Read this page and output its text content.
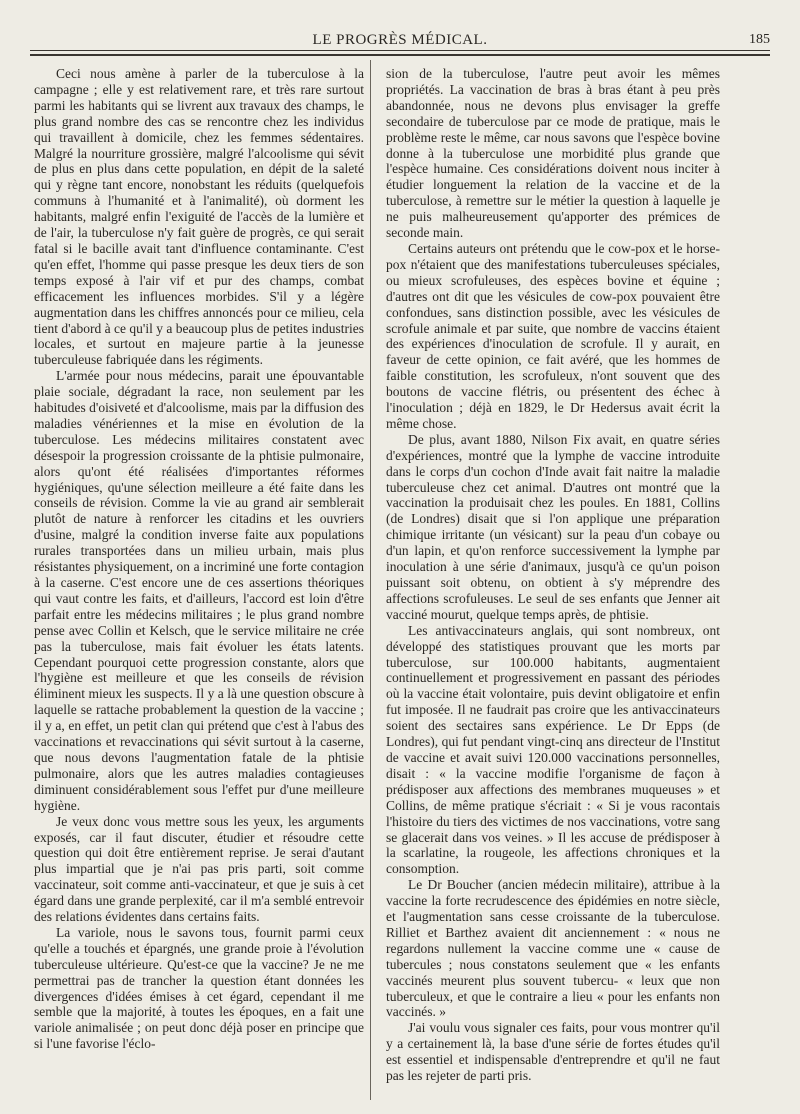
LE PROGRÈS MÉDICAL.	185

Ceci nous amène à parler de la tuberculose à la campagne ; elle y est relativement rare, et très rare surtout parmi les habitants qui se livrent aux travaux des champs, le plus grand nombre des cas se rencontre chez les individus qui travaillent à domicile, chez les femmes sédentaires. Malgré la nourriture grossière, malgré l'alcoolisme qui sévit de plus en plus dans cette population, en dépit de la saleté qui y règne tant encore, nonobstant les réduits (quelquefois communs à l'humanité et à l'animalité), où dorment les habitants, malgré enfin l'exiguité de l'accès de la lumière et de l'air, la tuberculose n'y fait guère de progrès, ce qui serait fatal si le bacille avait tant d'influence contaminante. C'est qu'en effet, l'homme qui passe presque les deux tiers de son temps exposé à l'air vif et pur des champs, combat efficacement les influences morbides. S'il y a légère augmentation dans les chiffres annoncés pour ce milieu, cela tient d'abord à ce qu'il y a beaucoup plus de petites industries locales, et surtout en majeure partie à la jeunesse tuberculeuse fabriquée dans les régiments.

L'armée pour nous médecins, parait une épouvantable plaie sociale, dégradant la race, non seulement par les habitudes d'oisiveté et d'alcoolisme, mais par la diffusion des maladies vénériennes et la mise en évolution de la tuberculose. Les médecins militaires constatent avec désespoir la progression croissante de la phtisie pulmonaire, alors qu'ont été réalisées d'importantes réformes hygiéniques, qu'une sélection meilleure a été faite dans les conseils de révision. Comme la vie au grand air semblerait plutôt de nature à renforcer les citadins et les ouvriers d'usine, malgré la condition inverse faite aux populations rurales transportées dans un milieu urbain, mais plus résistantes physiquement, on a incriminé une forte contagion à la caserne. C'est encore une de ces assertions théoriques qui vaut contre les faits, et d'ailleurs, l'accord est loin d'être parfait entre les médecins militaires ; le plus grand nombre pense avec Collin et Kelsch, que le service militaire ne crée pas la tuberculose, mais fait évoluer les états latents. Cependant pourquoi cette progression constante, alors que l'hygiène est meilleure et que les conseils de révision éliminent mieux les suspects. Il y a là une question obscure à laquelle se rattache probablement la question de la vaccine ; il y a, en effet, un petit clan qui prétend que c'est à l'abus des vaccinations et revaccinations qui sévit surtout à la caserne, que nous devons l'augmentation fatale de la phtisie pulmonaire, alors que les autres maladies contagieuses diminuent considérablement sous l'effet pur d'une meilleure hygiène.

Je veux donc vous mettre sous les yeux, les arguments exposés, car il faut discuter, étudier et résoudre cette question qui doit être entièrement reprise. Je serai d'autant plus impartial que je n'ai pas pris parti, soit comme vaccinateur, soit comme anti-vaccinateur, et que je suis à cet égard dans une grande perplexité, car il m'a semblé entrevoir des relations évidentes dans certains faits.

La variole, nous le savons tous, fournit parmi ceux qu'elle a touchés et épargnés, une grande proie à l'évolution tuberculeuse ultérieure. Qu'est-ce que la vaccine? Je ne me permettrai pas de trancher la question étant données les divergences d'idées émises à cet égard, cependant il me semble que la majorité, à toutes les époques, en a fait une variole animalisée ; on peut donc déjà poser en principe que si l'une favorise l'éclo-

sion de la tuberculose, l'autre peut avoir les mêmes propriétés. La vaccination de bras à bras étant à peu près abandonnée, nous ne devons plus envisager la greffe secondaire de tuberculose par ce mode de pratique, mais le problème reste le même, car nous savons que l'espèce bovine donne à la tuberculose une morbidité plus grande que l'espèce humaine. Ces considérations doivent nous inciter à étudier longuement la relation de la vaccine et de la tuberculose, à remettre sur le métier la question à laquelle je ne puis malheureusement qu'apporter des prémices de seconde main.

Certains auteurs ont prétendu que le cow-pox et le horse-pox n'étaient que des manifestations tuberculeuses spéciales, ou mieux scrofuleuses, des espèces bovine et équine ; d'autres ont dit que les vésicules de cow-pox pouvaient être confondues, sans distinction possible, avec les vésicules de scrofule animale et par suite, que nombre de vaccins étaient des expériences d'inoculation de scrofule. Il y aurait, en faveur de cette opinion, ce fait avéré, que les hommes de faible constitution, les scrofuleux, n'ont souvent que des boutons de vaccine flétris, ou présentent des échec à l'inoculation ; déjà en 1829, le Dr Hedersus avait écrit la même chose.

De plus, avant 1880, Nilson Fix avait, en quatre séries d'expériences, montré que la lymphe de vaccine introduite dans le corps d'un cochon d'Inde avait fait naitre la maladie tuberculeuse chez cet animal. D'autres ont montré que la vaccination la produisait chez les poules. En 1881, Collins (de Londres) disait que si l'on applique une préparation chimique irritante (un vésicant) sur la peau d'un cobaye ou d'un lapin, et qu'on renforce successivement la lymphe par inoculation à une série d'animaux, jusqu'à ce qu'un poison puissant soit obtenu, on obtient à s'y méprendre des affections scrofuleuses. Le seul de ses enfants que Jenner ait vacciné mourut, quelque temps après, de phtisie.

Les antivaccinateurs anglais, qui sont nombreux, ont développé des statistiques prouvant que les morts par tuberculose, sur 100.000 habitants, augmentaient continuellement et progressivement en passant des périodes où la vaccine était volontaire, puis devint obligatoire et enfin fut imposée. Il ne faudrait pas croire que les antivaccinateurs soient des sectaires sans expérience. Le Dr Epps (de Londres), qui fut pendant vingt-cinq ans directeur de l'Institut de vaccine et avait suivi 120.000 vaccinations personnelles, disait : « la vaccine modifie l'organisme de façon à prédisposer aux affections des membranes muqueuses » et Collins, de même pratique s'écriait : « Si je vous racontais l'histoire du tiers des victimes de nos vaccinations, votre sang se glacerait dans vos veines. » Il les accuse de prédisposer à la scarlatine, la rougeole, les affections chroniques et la consomption.

Le Dr Boucher (ancien médecin militaire), attribue à la vaccine la forte recrudescence des épidémies en notre siècle, et l'augmentation sans cesse croissante de la tuberculose. Rilliet et Barthez avaient dit anciennement : « nous ne regardons nullement la vaccine comme une « cause de tubercules ; nous constatons seulement que « les enfants vaccinés meurent plus souvent tubercu- « leux que non tuberculeux, et que le contraire a lieu « pour les enfants non vaccinés. »

J'ai voulu vous signaler ces faits, pour vous montrer qu'il y a certainement là, la base d'une série de fortes études qu'il est essentiel et indispensable d'entreprendre et qu'il ne faut pas les rejeter de parti pris.
